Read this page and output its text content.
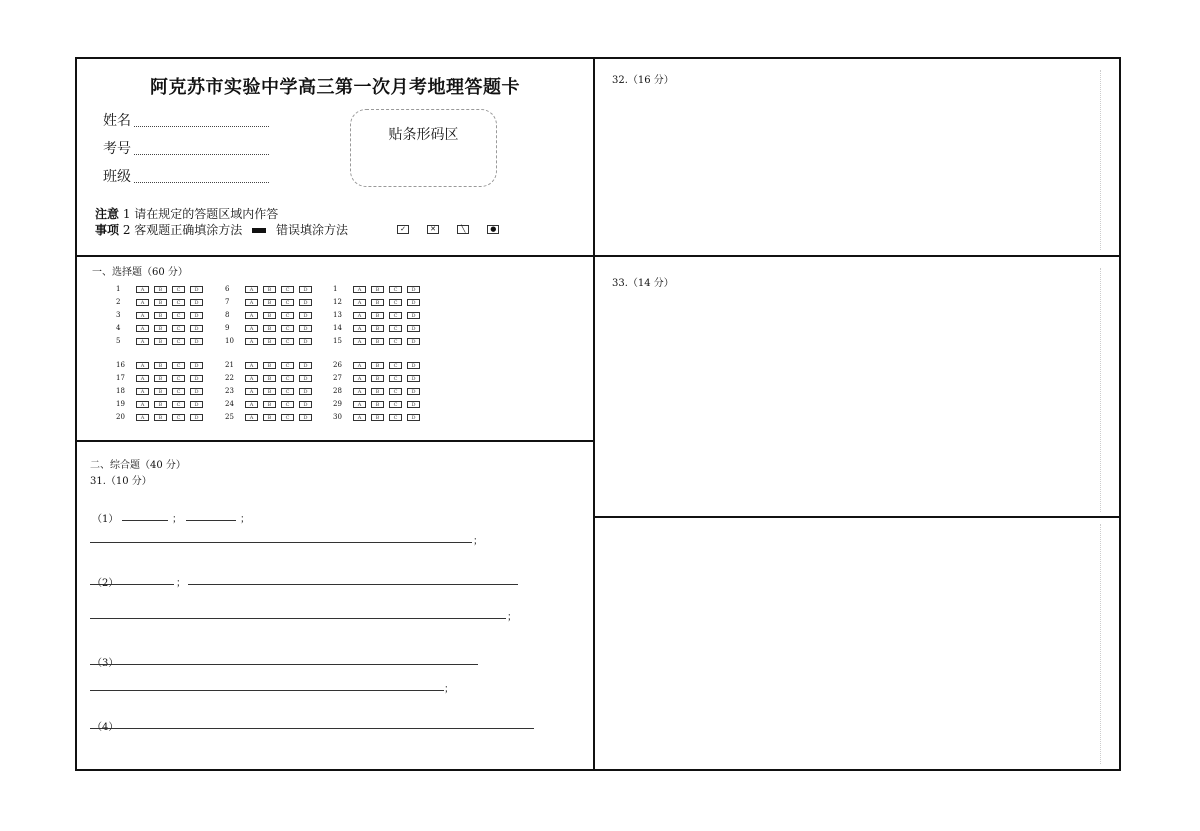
阿克苏市实验中学高三第一次月考地理答题卡
姓名
考号
班级
贴条形码区
注意 1 请在规定的答题区域内作答
事项 2 客观题正确填涂方法	错误填涂方法	✓	✕	╲	●
一、选择题（60 分）
1	A	B	C	D
2	A	B	C	D
3	A	B	C	D
4	A	B	C	D
5	A	B	C	D
6	A	B	C	D
7	A	B	C	D
8	A	B	C	D
9	A	B	C	D
10	A	B	C	D
1	A	B	C	D
12	A	B	C	D
13	A	B	C	D
14	A	B	C	D
15	A	B	C	D
16	A	B	C	D
17	A	B	C	D
18	A	B	C	D
19	A	B	C	D
20	A	B	C	D
21	A	B	C	D
22	A	B	C	D
23	A	B	C	D
24	A	B	C	D
25	A	B	C	D
26	A	B	C	D
27	A	B	C	D
28	A	B	C	D
29	A	B	C	D
30	A	B	C	D
二、综合题（40 分）
31.（10 分）
（1）	；	；
；
（2）	；
；
（3）
；
（4）
32.（16 分）
33.（14 分）
